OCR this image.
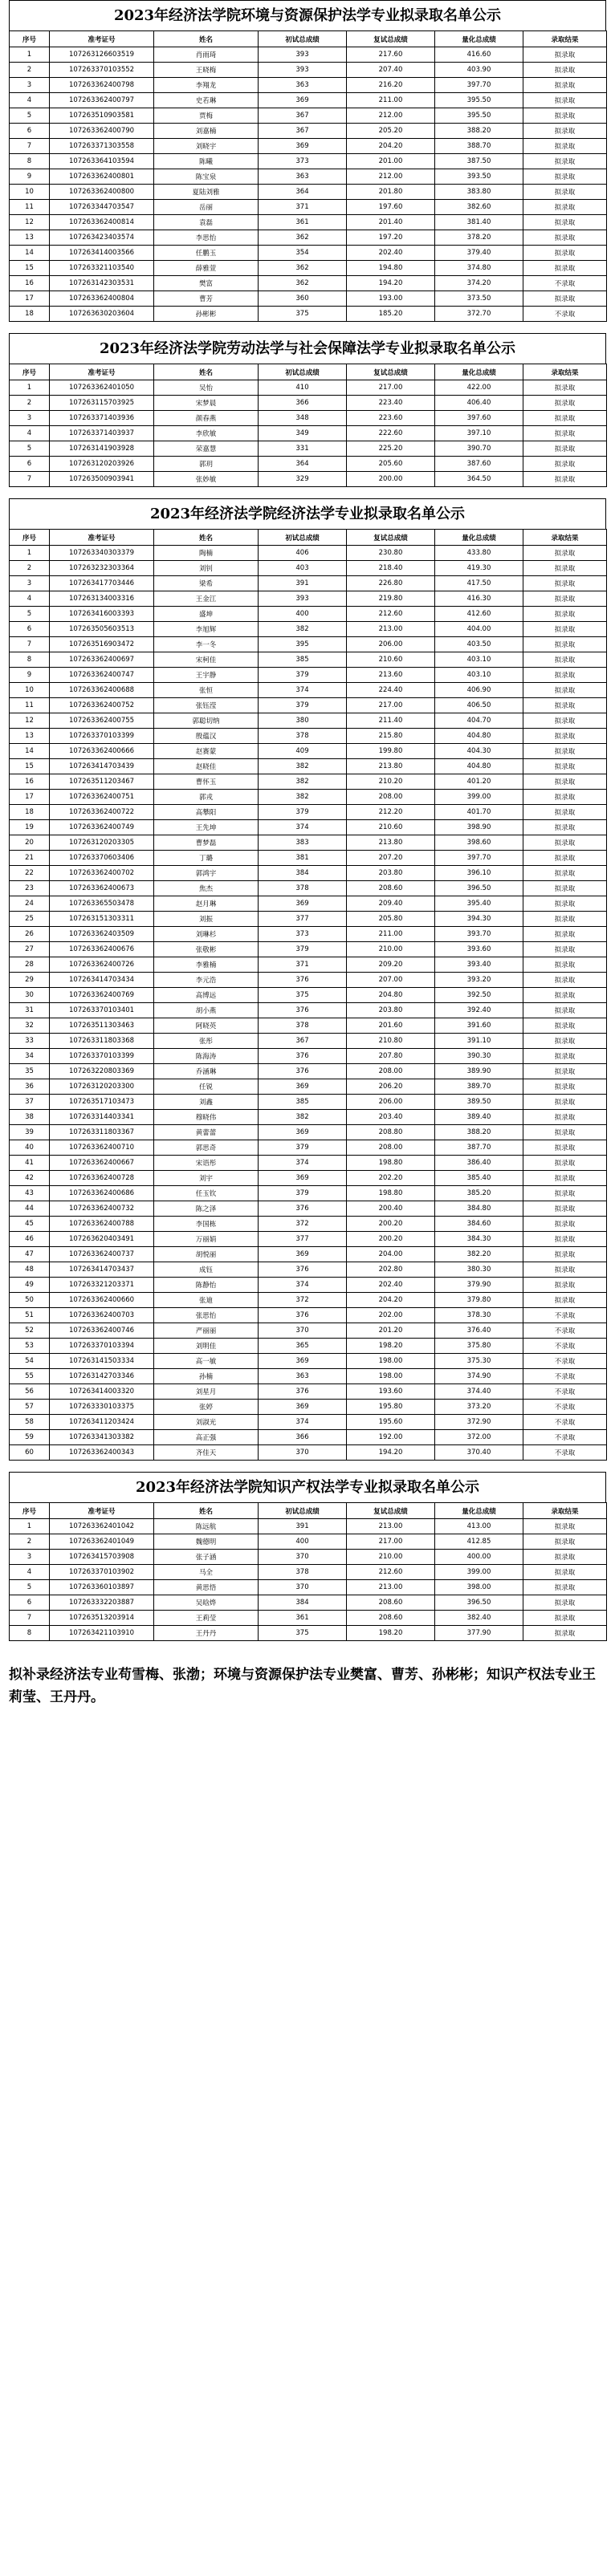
2023年经济法学院环境与资源保护法学专业拟录取名单公示
序号	准考证号	姓名	初试总成绩	复试总成绩	量化总成绩	录取结果
1	107263126603519	肖雨琦	393	217.60	416.60	拟录取
2	107263370103552	王晓梅	393	207.40	403.90	拟录取
3	107263362400798	李翔龙	363	216.20	397.70	拟录取
4	107263362400797	史若琳	369	211.00	395.50	拟录取
5	107263510903581	贾梅	367	212.00	395.50	拟录取
6	107263362400790	刘嘉楠	367	205.20	388.20	拟录取
7	107263371303558	刘晓宇	369	204.20	388.70	拟录取
8	107263364103594	陈曦	373	201.00	387.50	拟录取
9	107263362400801	陈宝泉	363	212.00	393.50	拟录取
10	107263362400800	夏陆刘雅	364	201.80	383.80	拟录取
11	107263344703547	岳丽	371	197.60	382.60	拟录取
12	107263362400814	袁磊	361	201.40	381.40	拟录取
13	107263423403574	李思怡	362	197.20	378.20	拟录取
14	107263414003566	任鹏玉	354	202.40	379.40	拟录取
15	107263321103540	薛雅萱	362	194.80	374.80	拟录取
16	107263142303531	樊富	362	194.20	374.20	不录取
17	107263362400804	曹芳	360	193.00	373.50	拟录取
18	107263630203604	孙彬彬	375	185.20	372.70	不录取
2023年经济法学院劳动法学与社会保障法学专业拟录取名单公示
序号	准考证号	姓名	初试总成绩	复试总成绩	量化总成绩	录取结果
1	107263362401050	吴怡	410	217.00	422.00	拟录取
2	107263115703925	宋梦晨	366	223.40	406.40	拟录取
3	107263371403936	颜春燕	348	223.60	397.60	拟录取
4	107263371403937	李欣敏	349	222.60	397.10	拟录取
5	107263141903928	荣嘉慧	331	225.20	390.70	拟录取
6	107263120203926	郭玥	364	205.60	387.60	拟录取
7	107263500903941	张妙敏	329	200.00	364.50	拟录取
2023年经济法学院经济法学专业拟录取名单公示
序号	准考证号	姓名	初试总成绩	复试总成绩	量化总成绩	录取结果
1	107263340303379	陶楠	406	230.80	433.80	拟录取
2	107263232303364	刘钊	403	218.40	419.30	拟录取
3	107263417703446	梁希	391	226.80	417.50	拟录取
4	107263134003316	王金江	393	219.80	416.30	拟录取
5	107263416003393	盛坤	400	212.60	412.60	拟录取
6	107263505603513	李旭辉	382	213.00	404.00	拟录取
7	107263516903472	李一冬	395	206.00	403.50	拟录取
8	107263362400697	宋柯佳	385	210.60	403.10	拟录取
9	107263362400747	王宇静	379	213.60	403.10	拟录取
10	107263362400688	张恒	374	224.40	406.90	拟录取
11	107263362400752	张钰滢	379	217.00	406.50	拟录取
12	107263362400755	郭聪切纳	380	211.40	404.70	拟录取
13	107263370103399	殷蕴汉	378	215.80	404.80	拟录取
14	107263362400666	赵赛蒙	409	199.80	404.30	拟录取
15	107263414703439	赵晓佳	382	213.80	404.80	拟录取
16	107263511203467	曹怀玉	382	210.20	401.20	拟录取
17	107263362400751	郭戎	382	208.00	399.00	拟录取
18	107263362400722	高攀阳	379	212.20	401.70	拟录取
19	107263362400749	王先坤	374	210.60	398.90	拟录取
20	107263120203305	曹梦磊	383	213.80	398.60	拟录取
21	107263370603406	丁璐	381	207.20	397.70	拟录取
22	107263362400702	郭鸿宇	384	203.80	396.10	拟录取
23	107263362400673	焦杰	378	208.60	396.50	拟录取
24	107263365503478	赵月琳	369	209.40	395.40	拟录取
25	107263151303311	刘振	377	205.80	394.30	拟录取
26	107263362403509	刘琳杉	373	211.00	393.70	拟录取
27	107263362400676	张敬彬	379	210.00	393.60	拟录取
28	107263362400726	李雅楠	371	209.20	393.40	拟录取
29	107263414703434	李元浩	376	207.00	393.20	拟录取
30	107263362400769	高博远	375	204.80	392.50	拟录取
31	107263370103401	胡小燕	376	203.80	392.40	拟录取
32	107263511303463	阿晓英	378	201.60	391.60	拟录取
33	107263311803368	张彤	367	210.80	391.10	拟录取
34	107263370103399	陈海涛	376	207.80	390.30	拟录取
35	107263220803369	乔涵琳	376	208.00	389.90	拟录取
36	107263120203300	任锐	369	206.20	389.70	拟录取
37	107263517103473	刘鑫	385	206.00	389.50	拟录取
38	107263314403341	穆晓伟	382	203.40	389.40	拟录取
39	107263311803367	黄蕾蕾	369	208.80	388.20	拟录取
40	107263362400710	郭思奇	379	208.00	387.70	拟录取
41	107263362400667	宋语彤	374	198.80	386.40	拟录取
42	107263362400728	刘宇	369	202.20	385.40	拟录取
43	107263362400686	任玉钦	379	198.80	385.20	拟录取
44	107263362400732	陈之泽	376	200.40	384.80	拟录取
45	107263362400788	李国栋	372	200.20	384.60	拟录取
46	107263620403491	万丽娟	377	200.20	384.30	拟录取
47	107263362400737	胡悦丽	369	204.00	382.20	拟录取
48	107263414703437	成钰	376	202.80	380.30	拟录取
49	107263321203371	陈静怡	374	202.40	379.90	拟录取
50	107263362400660	张迪	372	204.20	379.80	拟录取
51	107263362400703	张思怡	376	202.00	378.30	不录取
52	107263362400746	严丽丽	370	201.20	376.40	不录取
53	107263370103394	刘明佳	365	198.20	375.80	不录取
54	107263141503334	高一敏	369	198.00	375.30	不录取
55	107263142703346	孙楠	363	198.00	374.90	不录取
56	107263414003320	刘星月	376	193.60	374.40	不录取
57	107263330103375	张婷	369	195.80	373.20	不录取
58	107263411203424	刘淑光	374	195.60	372.90	不录取
59	107263341303382	高正强	366	192.00	372.00	不录取
60	107263362400343	齐佳天	370	194.20	370.40	不录取
2023年经济法学院知识产权法学专业拟录取名单公示
序号	准考证号	姓名	初试总成绩	复试总成绩	量化总成绩	录取结果
1	107263362401042	陈远航	391	213.00	413.00	拟录取
2	107263362401049	魏德明	400	217.00	412.85	拟录取
3	107263415703908	张子涵	370	210.00	400.00	拟录取
4	107263370103902	马全	378	212.60	399.00	拟录取
5	107263360103897	黄思悟	370	213.00	398.00	拟录取
6	107263332203887	吴晗烨	384	208.60	396.50	拟录取
7	107263513203914	王莉莹	361	208.60	382.40	拟录取
8	107263421103910	王丹丹	375	198.20	377.90	拟录取
拟补录经济法专业苟雪梅、张渤；环境与资源保护法专业樊富、曹芳、孙彬彬；知识产权法专业王莉莹、王丹丹。
